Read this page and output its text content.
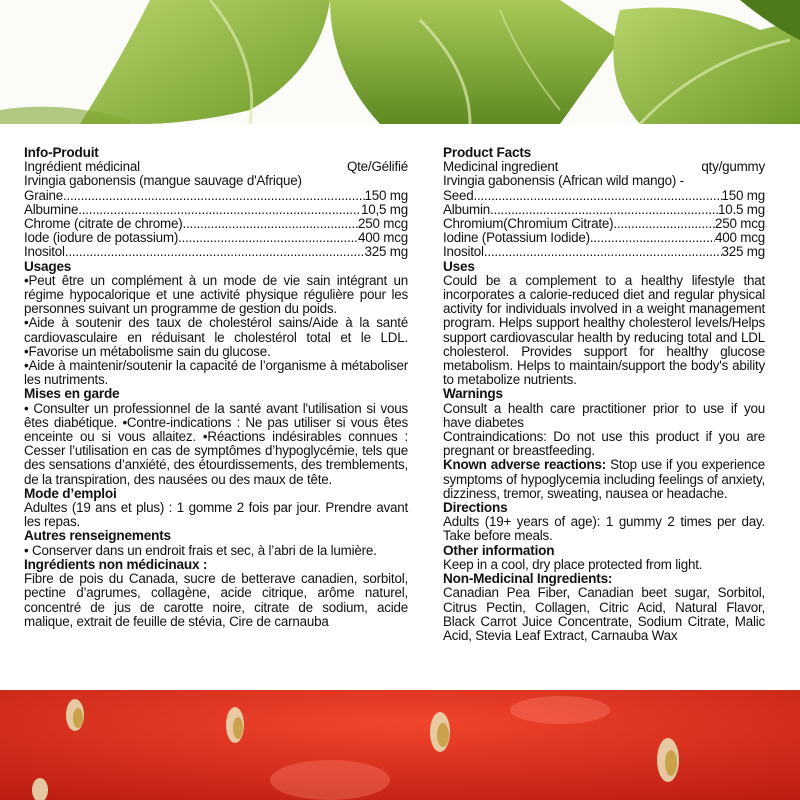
Info-Produit
Ingrédient médicinal	Qte/Gélifié
Irvingia gabonensis (mangue sauvage d'Afrique)
Graine .....	150 mg
Albumine .....	10,5 mg
Chrome (citrate de chrome) .....	250 mcg
Iode (iodure de potassium) .....	400 mcg
Inositol .....	325 mg
Usages
•Peut être un complément à un mode de vie sain intégrant un régime hypocalorique et une activité physique régulière pour les personnes suivant un programme de gestion du poids.
•Aide à soutenir des taux de cholestérol sains/Aide à la santé cardiovasculaire en réduisant le cholestérol total et le LDL. •Favorise un métabolisme sain du glucose.
•Aide à maintenir/soutenir la capacité de l’organisme à métaboliser les nutriments.
Mises en garde
• Consulter un professionnel de la santé avant l'utilisation si vous êtes diabétique. •Contre-indications : Ne pas utiliser si vous êtes enceinte ou si vous allaitez. •Réactions indésirables connues : Cesser l’utilisation en cas de symptômes d’hypoglycémie, tels que des sensations d’anxiété, des étourdissements, des tremblements, de la transpiration, des nausées ou des maux de tête.
Mode d’emploi
Adultes (19 ans et plus) : 1 gomme 2 fois par jour. Prendre avant les repas.
Autres renseignements
• Conserver dans un endroit frais et sec, à l’abri de la lumière.
Ingrédients non médicinaux :
Fibre de pois du Canada, sucre de betterave canadien, sorbitol, pectine d’agrumes, collagène, acide citrique, arôme naturel, concentré de jus de carotte noire, citrate de sodium, acide malique, extrait de feuille de stévia, Cire de carnauba
Product Facts
Medicinal ingredient	qty/gummy
Irvingia gabonensis (African wild mango) -
Seed .....	150 mg
Albumin .....	10.5 mg
Chromium(Chromium Citrate) .....	250 mcg
Iodine (Potassium Iodide) .....	400 mcg
Inositol .....	325 mg
Uses
Could be a complement to a healthy lifestyle that incorporates a calorie-reduced diet and regular physical activity for individuals involved in a weight management program. Helps support healthy cholesterol levels/Helps support cardiovascular health by reducing total and LDL cholesterol. Provides support for healthy glucose metabolism. Helps to maintain/support the body's ability to metabolize nutrients.
Warnings
Consult a health care practitioner prior to use if you have diabetes
Contraindications: Do not use this product if you are pregnant or breastfeeding.
Known adverse reactions: Stop use if you experience symptoms of hypoglycemia including feelings of anxiety, dizziness, tremor, sweating, nausea or headache.
Directions
Adults (19+ years of age): 1 gummy 2 times per day. Take before meals.
Other information
Keep in a cool, dry place protected from light.
Non-Medicinal Ingredients:
Canadian Pea Fiber, Canadian beet sugar, Sorbitol, Citrus Pectin, Collagen, Citric Acid, Natural Flavor, Black Carrot Juice Concentrate, Sodium Citrate, Malic Acid, Stevia Leaf Extract, Carnauba Wax
